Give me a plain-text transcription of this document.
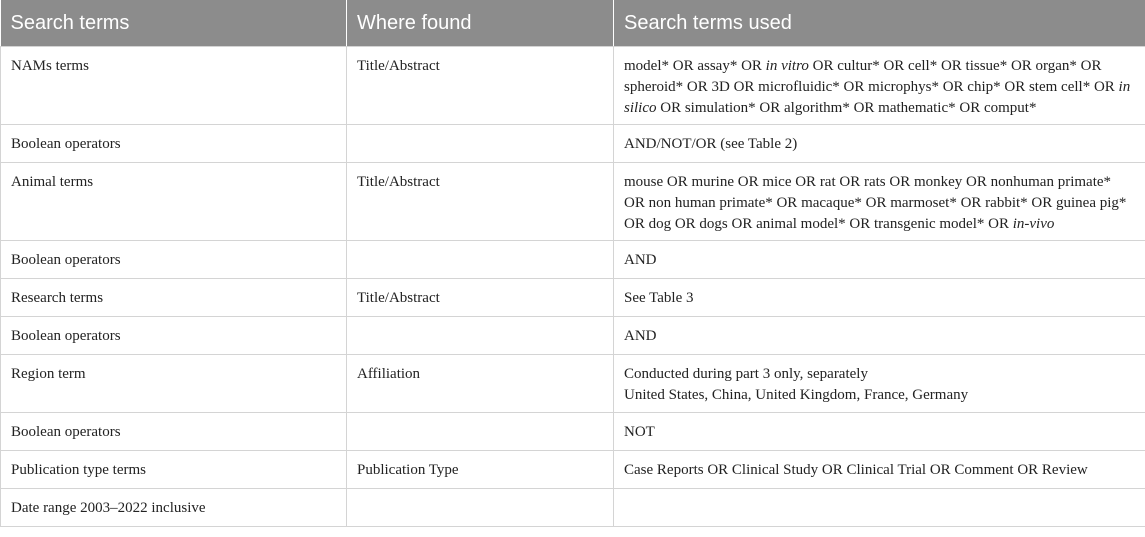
Search terms	Where found	Search terms used
NAMs terms	Title/Abstract	model* OR assay* OR in vitro OR cultur* OR cell* OR tissue* OR organ* OR spheroid* OR 3D OR microfluidic* OR microphys* OR chip* OR stem cell* OR in silico OR simulation* OR algorithm* OR mathematic* OR comput*
Boolean operators		AND/NOT/OR (see Table 2)
Animal terms	Title/Abstract	mouse OR murine OR mice OR rat OR rats OR monkey OR nonhuman primate* OR non human primate* OR macaque* OR marmoset* OR rabbit* OR guinea pig* OR dog OR dogs OR animal model* OR transgenic model* OR in-vivo
Boolean operators		AND
Research terms	Title/Abstract	See Table 3
Boolean operators		AND
Region term	Affiliation	Conducted during part 3 only, separately
United States, China, United Kingdom, France, Germany
Boolean operators		NOT
Publication type terms	Publication Type	Case Reports OR Clinical Study OR Clinical Trial OR Comment OR Review
Date range 2003–2022 inclusive		
